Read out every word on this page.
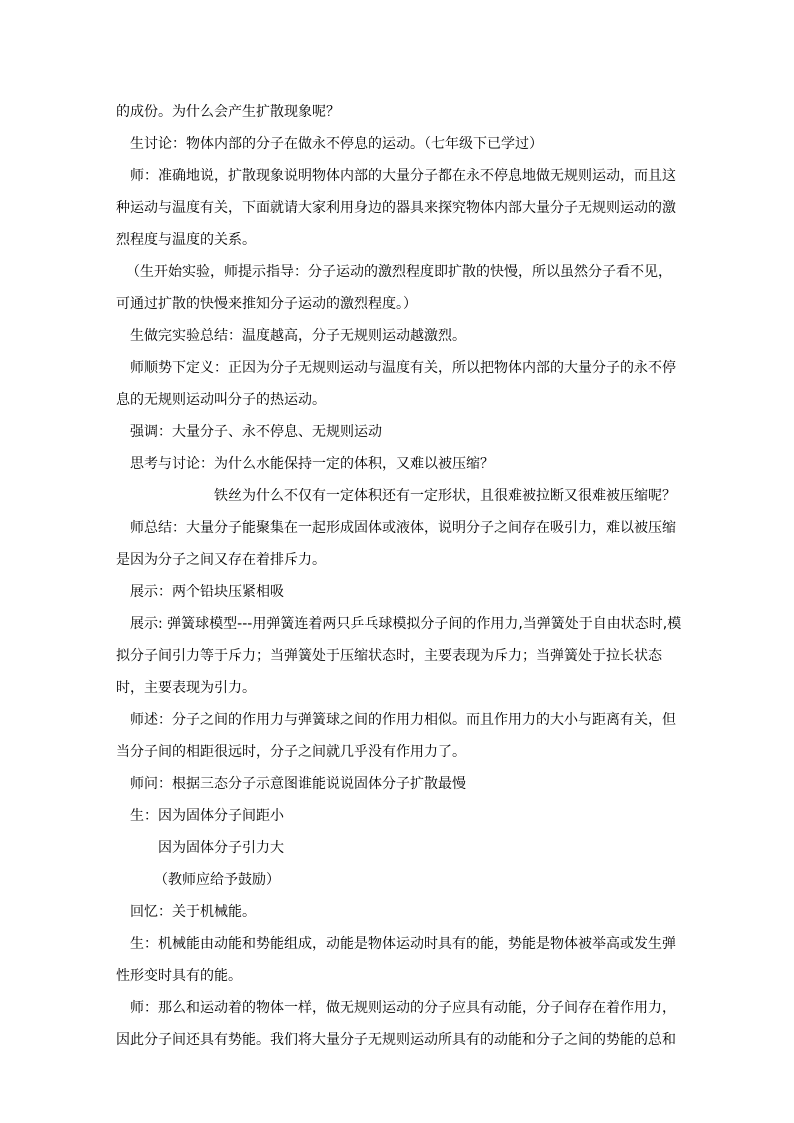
的成份。为什么会产生扩散现象呢？

生讨论：物体内部的分子在做永不停息的运动。（七年级下已学过）

师：准确地说，扩散现象说明物体内部的大量分子都在永不停息地做无规则运动，而且这种运动与温度有关，下面就请大家利用身边的器具来探究物体内部大量分子无规则运动的激烈程度与温度的关系。

（生开始实验，师提示指导：分子运动的激烈程度即扩散的快慢，所以虽然分子看不见，可通过扩散的快慢来推知分子运动的激烈程度。）

生做完实验总结：温度越高，分子无规则运动越激烈。

师顺势下定义：正因为分子无规则运动与温度有关，所以把物体内部的大量分子的永不停息的无规则运动叫分子的热运动。

强调：大量分子、永不停息、无规则运动

思考与讨论：为什么水能保持一定的体积，又难以被压缩？

铁丝为什么不仅有一定体积还有一定形状，且很难被拉断又很难被压缩呢？

师总结：大量分子能聚集在一起形成固体或液体，说明分子之间存在吸引力，难以被压缩是因为分子之间又存在着排斥力。

展示：两个铅块压紧相吸

展示: 弹簧球模型---用弹簧连着两只乒乓球模拟分子间的作用力,当弹簧处于自由状态时,模拟分子间引力等于斥力；当弹簧处于压缩状态时，主要表现为斥力；当弹簧处于拉长状态时，主要表现为引力。

师述：分子之间的作用力与弹簧球之间的作用力相似。而且作用力的大小与距离有关，但当分子间的相距很远时，分子之间就几乎没有作用力了。

师问：根据三态分子示意图谁能说说固体分子扩散最慢

生：因为固体分子间距小

因为固体分子引力大

（教师应给予鼓励）

回忆：关于机械能。

生：机械能由动能和势能组成，动能是物体运动时具有的能，势能是物体被举高或发生弹性形变时具有的能。

师：那么和运动着的物体一样，做无规则运动的分子应具有动能，分子间存在着作用力，因此分子间还具有势能。我们将大量分子无规则运动所具有的动能和分子之间的势能的总和
